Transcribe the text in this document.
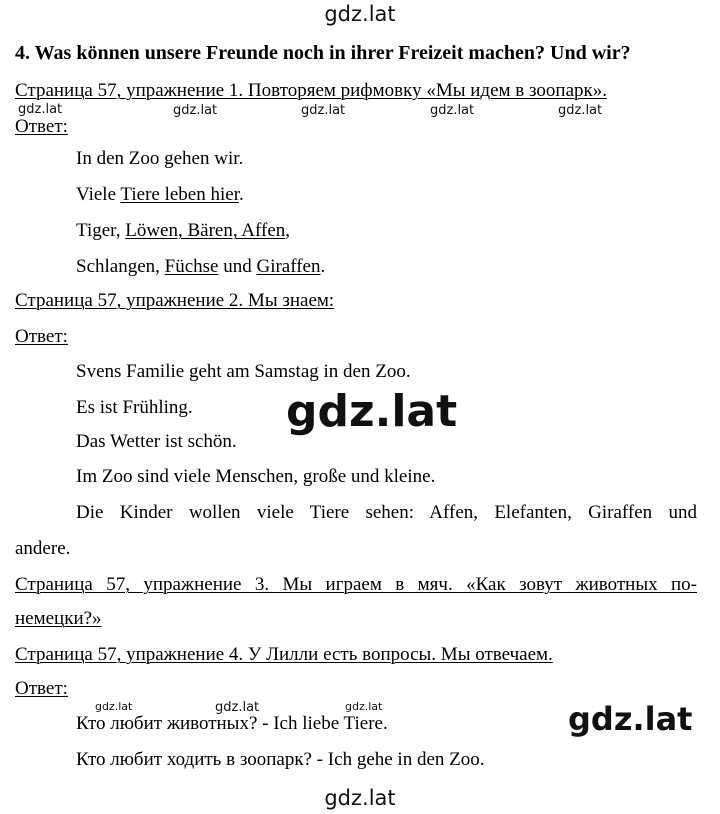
gdz.lat
gdz.lat	gdz.lat	gdz.lat	gdz.lat	gdz.lat
gdz.lat
gdz.lat	gdz.lat	gdz.lat	gdz.lat
gdz.lat
4. Was können unsere Freunde noch in ihrer Freizeit machen? Und wir?
Страница 57, упражнение 1. Повторяем рифмовку «Мы идем в зоопарк».
Ответ:
In den Zoo gehen wir.
Viele Tiere leben hier.
Tiger, Löwen, Bären, Affen,
Schlangen, Füchse und Giraffen.
Страница 57, упражнение 2. Мы знаем:
Ответ:
Svens Familie geht am Samstag in den Zoo.
Es ist Frühling.
Das Wetter ist schön.
Im Zoo sind viele Menschen, große und kleine.
Die Kinder wollen viele Tiere sehen: Affen, Elefanten, Giraffen und
andere.
Страница 57, упражнение 3. Мы играем в мяч. «Как зовут животных по-
немецки?»
Страница 57, упражнение 4. У Лилли есть вопросы. Мы отвечаем.
Ответ:
Кто любит животных? - Ich liebe Tiere.
Кто любит ходить в зоопарк? - Ich gehe in den Zoo.
